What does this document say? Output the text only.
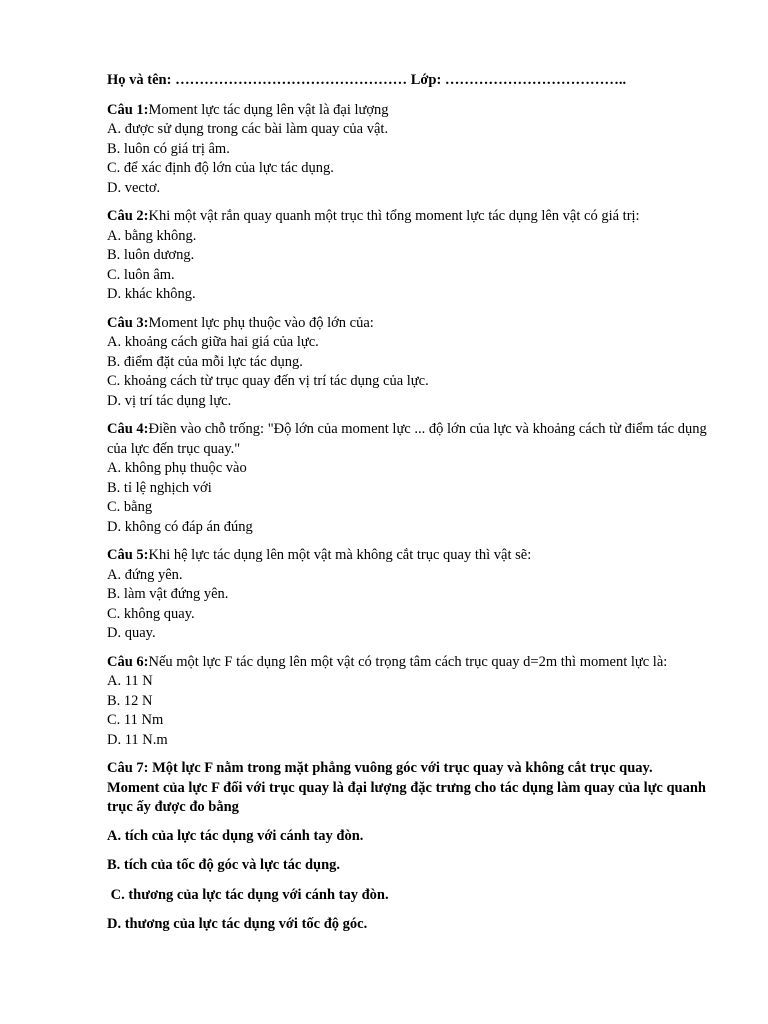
Họ và tên: ………………………………………… Lớp: ………………………………..

Câu 1:Moment lực tác dụng lên vật là đại lượng

A. được sử dụng trong các bài làm quay của vật.

B. luôn có giá trị âm.

C. để xác định độ lớn của lực tác dụng.

D. vectơ.

Câu 2:Khi một vật rắn quay quanh một trục thì tổng moment lực tác dụng lên vật có giá trị:

A. bằng không.

B. luôn dương.

C. luôn âm.

D. khác không.

Câu 3:Moment lực phụ thuộc vào độ lớn của:

A. khoảng cách giữa hai giá của lực.

B. điểm đặt của mỗi lực tác dụng.

C. khoảng cách từ trục quay đến vị trí tác dụng của lực.

D. vị trí tác dụng lực.

Câu 4:Điền vào chỗ trống: "Độ lớn của moment lực ... độ lớn của lực và khoảng cách từ điểm tác dụng của lực đến trục quay."

A. không phụ thuộc vào

B. tỉ lệ nghịch với

C. bằng

D. không có đáp án đúng

Câu 5:Khi hệ lực tác dụng lên một vật mà không cắt trục quay thì vật sẽ:

A. đứng yên.

B. làm vật đứng yên.

C. không quay.

D. quay.

Câu 6:Nếu một lực F tác dụng lên một vật có trọng tâm cách trục quay d=2m thì moment lực là:

A. 11 N

B. 12 N

C. 11 Nm

D. 11 N.m

Câu 7: Một lực F nằm trong mặt phẳng vuông góc với trục quay và không cắt trục quay. Moment của lực F đối với trục quay là đại lượng đặc trưng cho tác dụng làm quay của lực quanh trục ấy được đo bằng

A. tích của lực tác dụng với cánh tay đòn.

B. tích của tốc độ góc và lực tác dụng.

C. thương của lực tác dụng với cánh tay đòn.

D. thương của lực tác dụng với tốc độ góc.
